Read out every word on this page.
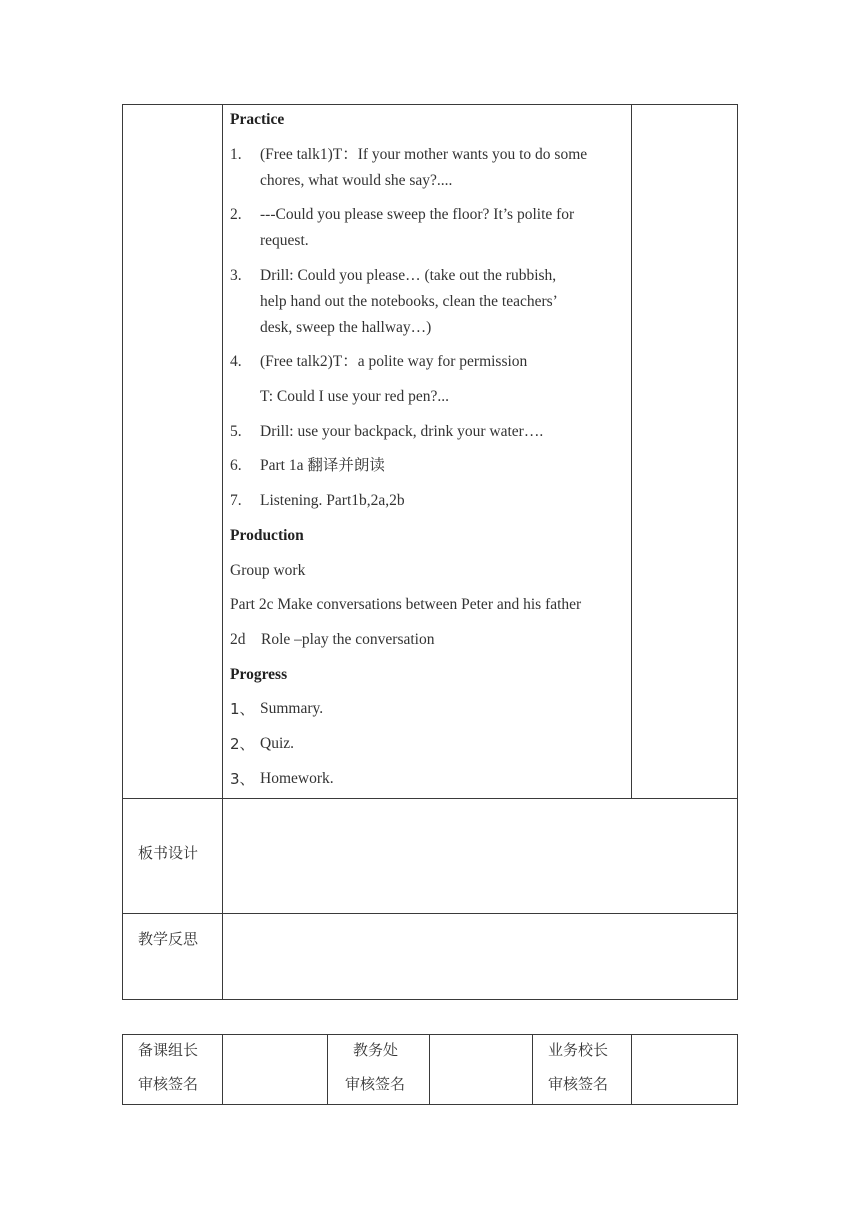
Practice
1. (Free talk1)T：If your mother wants you to do some
chores, what would she say?....
2. ---Could you please sweep the floor? It’s polite for
request.
3. Drill: Could you please… (take out the rubbish,
help hand out the notebooks, clean the teachers’
desk, sweep the hallway…)
4. (Free talk2)T：a polite way for permission
T: Could I use your red pen?...
5. Drill: use your backpack, drink your water….
6. Part 1a 翻译并朗读
7. Listening. Part1b,2a,2b
Production
Group work
Part 2c Make conversations between Peter and his father
2d    Role –play the conversation
Progress
1、 Summary.
2、 Quiz.
3、 Homework.
板书设计
教学反思
备课组长
审核签名
教务处
审核签名
业务校长
审核签名
